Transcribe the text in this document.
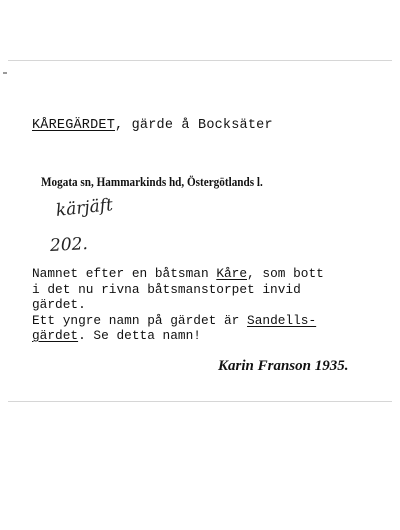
KÅREGÄRDET, gärde å Bocksäter
Mogata sn, Hammarkinds hd, Östergötlands l.
kärjäft
202.
Namnet efter en båtsman Kåre, som bott
i det nu rivna båtsmanstorpet invid
gärdet.
Ett yngre namn på gärdet är Sandells-
gärdet. Se detta namn!
Karin Franson 1935.
